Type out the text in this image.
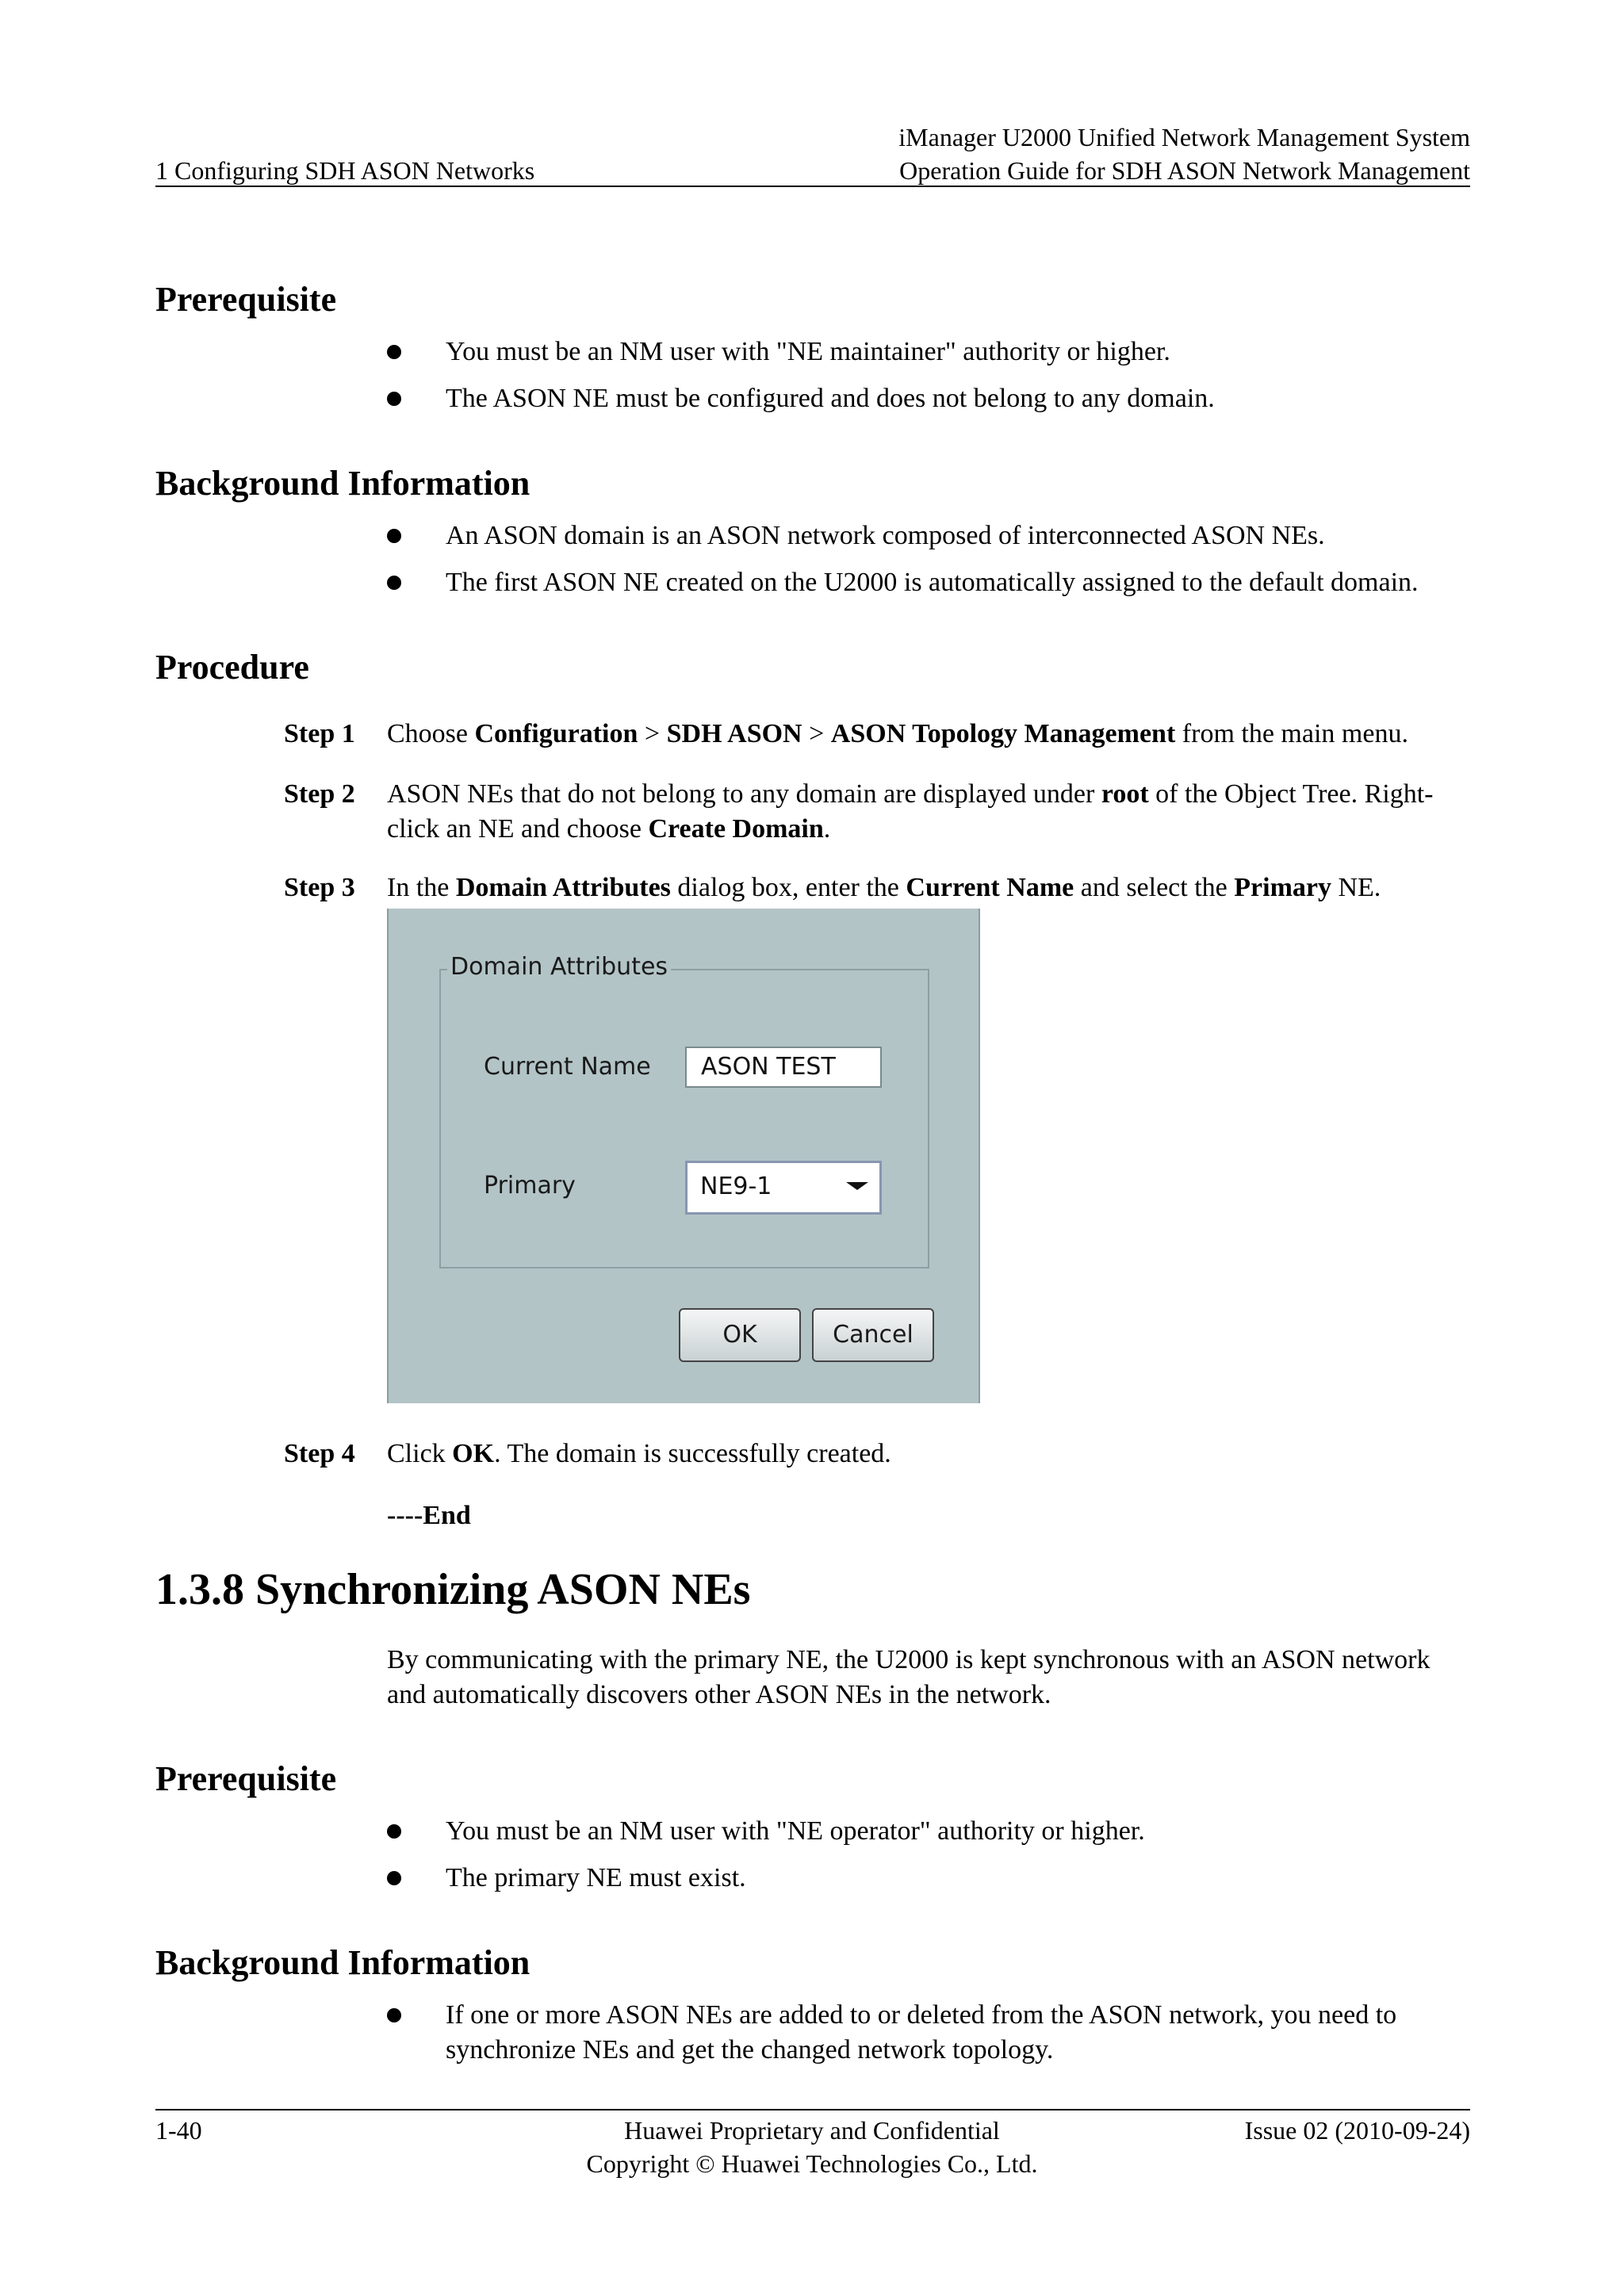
iManager U2000 Unified Network Management System
Operation Guide for SDH ASON Network Management
1 Configuring SDH ASON Networks
Prerequisite
You must be an NM user with "NE maintainer" authority or higher.
The ASON NE must be configured and does not belong to any domain.
Background Information
An ASON domain is an ASON network composed of interconnected ASON NEs.
The first ASON NE created on the U2000 is automatically assigned to the default domain.
Procedure
Step 1 Choose Configuration > SDH ASON > ASON Topology Management from the main menu.
Step 2 ASON NEs that do not belong to any domain are displayed under root of the Object Tree. Right-click an NE and choose Create Domain.
Step 3 In the Domain Attributes dialog box, enter the Current Name and select the Primary NE.
Domain Attributes
Current Name	ASON TEST
Primary	NE9-1
OK	Cancel
Step 4 Click OK. The domain is successfully created.
----End
1.3.8 Synchronizing ASON NEs
By communicating with the primary NE, the U2000 is kept synchronous with an ASON network and automatically discovers other ASON NEs in the network.
Prerequisite
You must be an NM user with "NE operator" authority or higher.
The primary NE must exist.
Background Information
If one or more ASON NEs are added to or deleted from the ASON network, you need to synchronize NEs and get the changed network topology.
1-40	Huawei Proprietary and Confidential
Copyright © Huawei Technologies Co., Ltd.
Issue 02 (2010-09-24)
